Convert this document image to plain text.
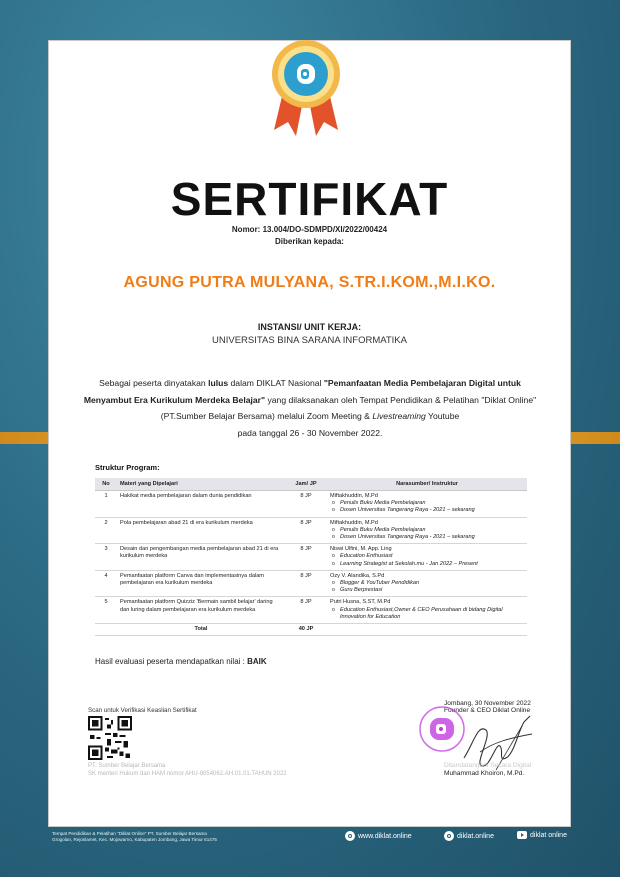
SERTIFIKAT
Nomor: 13.004/DO-SDMPD/XI/2022/00424
Diberikan kepada:
AGUNG PUTRA MULYANA, S.TR.I.KOM.,M.I.KO.
INSTANSI/ UNIT KERJA:
UNIVERSITAS BINA SARANA INFORMATIKA
Sebagai peserta dinyatakan lulus dalam DIKLAT Nasional "Pemanfaatan Media Pembelajaran Digital untuk Menyambut Era Kurikulum Merdeka Belajar" yang dilaksanakan oleh Tempat Pendidikan & Pelatihan "Diklat Online" (PT.Sumber Belajar Bersama) melalui Zoom Meeting & Livestreaming Youtube
pada tanggal 26 - 30 November 2022.
Struktur Program:
No	Materi yang Dipelajari	Jam/ JP	Narasumber/ Instruktur
1	Hakikat media pembelajaran dalam dunia pendidikan	8 JP	Miftakhuddin, M.Pd
o Penulis Buku Media Pembelajaran
o Dosen Universitas Tangerang Raya - 2021 – sekarang

2	Pola pembelajaran abad 21 di era kurikulum merdeka	8 JP	Miftakhuddin, M.Pd
o Penulis Buku Media Pembelajaran
o Dosen Universitas Tangerang Raya - 2021 – sekarang

3	Desain dan pengembangan media pembelajaran abad 21 di era kurikulum merdeka	8 JP	Niswi Ulfini, M. App. Ling
o Education Enthusiast
o Learning Strategist at Sekolah.mu - Jan 2022 – Present

4	Pemanfaatan platform Canva dan implementasinya dalam pembelajaran era kurikulum merdeka	8 JP	Ozy V. Alandika, S.Pd
o Blogger & YouTuber Pendidikan
o Guru Berprestasi

5	Pemanfaatan platform Quizziz 'Bermain sambil belajar' daring dan luring dalam pembelajaran era kurikulum merdeka	8 JP	Putri Husna, S.ST, M.Pd
o Education Enthusiast,Owner & CEO Perusahaan di bidang Digital Innovation for Education

	Total	40 JP	
Hasil evaluasi peserta mendapatkan nilai : BAIK
Scan untuk Verifikasi Keaslian Sertifikat
PT. Sumber Belajar Bersama
SK menteri Hukum dan HAM nomor AHU-0054062.AH.01.01.TAHUN 2022
Jombang, 30 November 2022
Founder & CEO Diklat Online
Ditandatangani Secara Digital
Muhammad Khoiron, M.Pd.
Tempat Pendidikan & Pelatihan "Diklat Online" PT. Sumber Belajar Bersama
Grogolan, Rejoslamet, Kec. Mojowarno, Kabupaten Jombang, Jawa Timur 61475	www.diklat.online	diklat.online	diklat online
